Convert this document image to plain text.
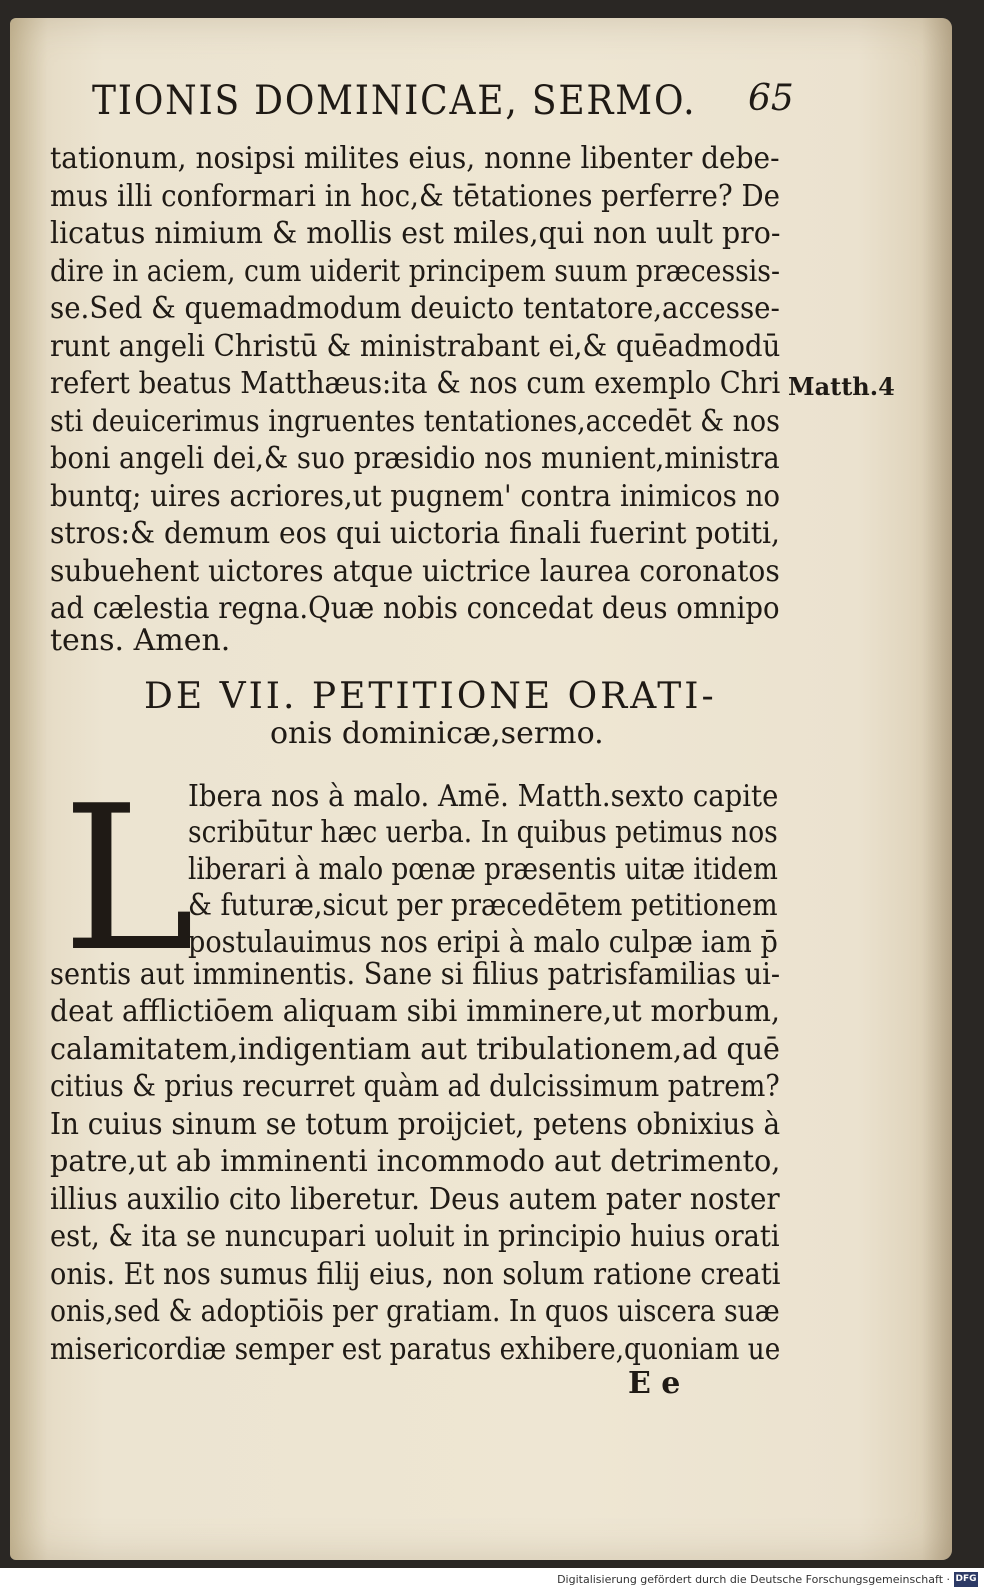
TIONIS DOMINICAE, SERMO.	65
tationum, nosipsi milites eius, nonne libenter debe-
mus illi conformari in hoc,& tētationes perferre? De
licatus nimium & mollis est miles,qui non uult pro-
dire in aciem, cum uiderit principem suum præcessis-
se.Sed & quemadmodum deuicto tentatore,accesse-
runt angeli Christū & ministrabant ei,& quēadmodū
refert beatus Matthæus:ita & nos cum exemplo Chri
sti deuicerimus ingruentes tentationes,accedēt & nos
boni angeli dei,& suo præsidio nos munient,ministra
buntq; uires acriores,ut pugnem' contra inimicos no
stros:& demum eos qui uictoria finali fuerint potiti,
subuehent uictores atque uictrice laurea coronatos
ad cælestia regna.Quæ nobis concedat deus omnipo
tens. Amen.
Matth.4
DE VII. PETITIONE ORATI-
onis dominicæ,sermo.
L
Ibera nos à malo. Amē. Matth.sexto capite
scribūtur hæc uerba. In quibus petimus nos
liberari à malo pœnæ præsentis uitæ itidem
& futuræ,sicut per præcedētem petitionem
postulauimus nos eripi à malo culpæ iam p̄
sentis aut imminentis. Sane si filius patrisfamilias ui-
deat afflictiōem aliquam sibi imminere,ut morbum,
calamitatem,indigentiam aut tribulationem,ad quē
citius & prius recurret quàm ad dulcissimum patrem?
In cuius sinum se totum proijciet, petens obnixius à
patre,ut ab imminenti incommodo aut detrimento,
illius auxilio cito liberetur. Deus autem pater noster
est, & ita se nuncupari uoluit in principio huius orati
onis. Et nos sumus filij eius, non solum ratione creati
onis,sed & adoptiōis per gratiam. In quos uiscera suæ
misericordiæ semper est paratus exhibere,quoniam ue
E e
Digitalisierung gefördert durch die Deutsche Forschungsgemeinschaft · DFG
